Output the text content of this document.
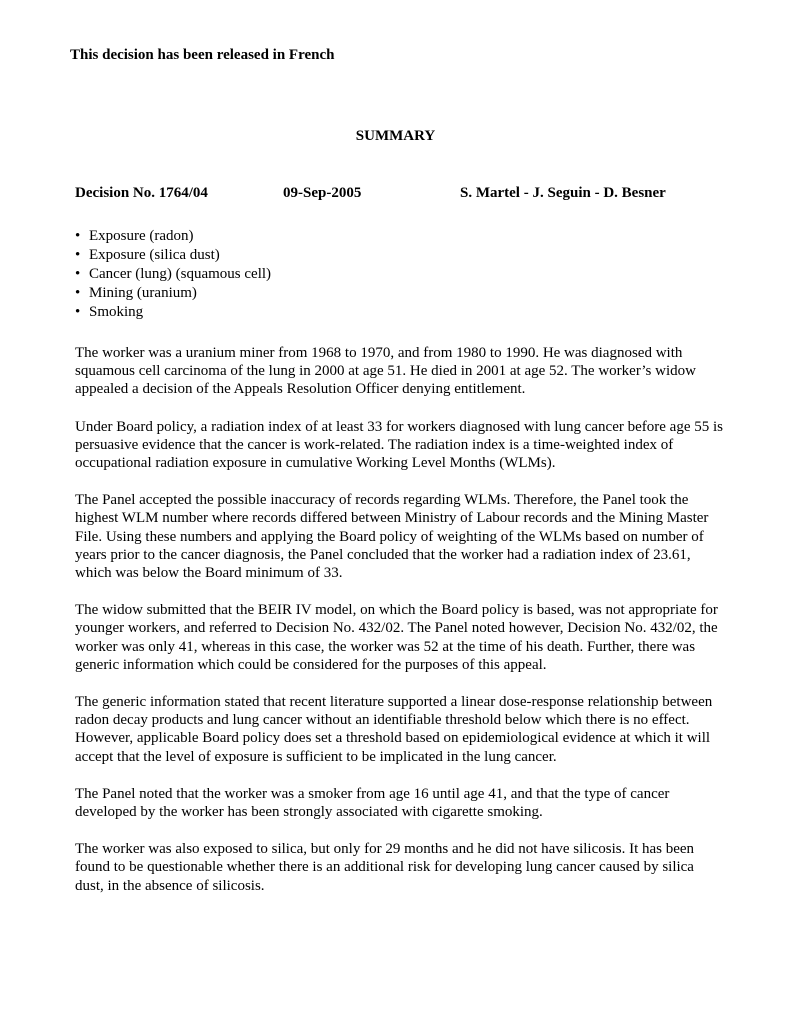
This decision has been released in French
SUMMARY
Decision No. 1764/04	09-Sep-2005	S. Martel - J. Seguin - D. Besner
• Exposure (radon)
• Exposure (silica dust)
• Cancer (lung) (squamous cell)
• Mining (uranium)
• Smoking

The worker was a uranium miner from 1968 to 1970, and from 1980 to 1990. He was diagnosed with squamous cell carcinoma of the lung in 2000 at age 51. He died in 2001 at age 52. The worker’s widow appealed a decision of the Appeals Resolution Officer denying entitlement.

Under Board policy, a radiation index of at least 33 for workers diagnosed with lung cancer before age 55 is persuasive evidence that the cancer is work-related. The radiation index is a time-weighted index of occupational radiation exposure in cumulative Working Level Months (WLMs).

The Panel accepted the possible inaccuracy of records regarding WLMs. Therefore, the Panel took the highest WLM number where records differed between Ministry of Labour records and the Mining Master File. Using these numbers and applying the Board policy of weighting of the WLMs based on number of years prior to the cancer diagnosis, the Panel concluded that the worker had a radiation index of 23.61, which was below the Board minimum of 33.

The widow submitted that the BEIR IV model, on which the Board policy is based, was not appropriate for younger workers, and referred to Decision No. 432/02. The Panel noted however, Decision No. 432/02, the worker was only 41, whereas in this case, the worker was 52 at the time of his death. Further, there was generic information which could be considered for the purposes of this appeal.

The generic information stated that recent literature supported a linear dose-response relationship between radon decay products and lung cancer without an identifiable threshold below which there is no effect. However, applicable Board policy does set a threshold based on epidemiological evidence at which it will accept that the level of exposure is sufficient to be implicated in the lung cancer.

The Panel noted that the worker was a smoker from age 16 until age 41, and that the type of cancer developed by the worker has been strongly associated with cigarette smoking.

The worker was also exposed to silica, but only for 29 months and he did not have silicosis. It has been found to be questionable whether there is an additional risk for developing lung cancer caused by silica dust, in the absence of silicosis.
